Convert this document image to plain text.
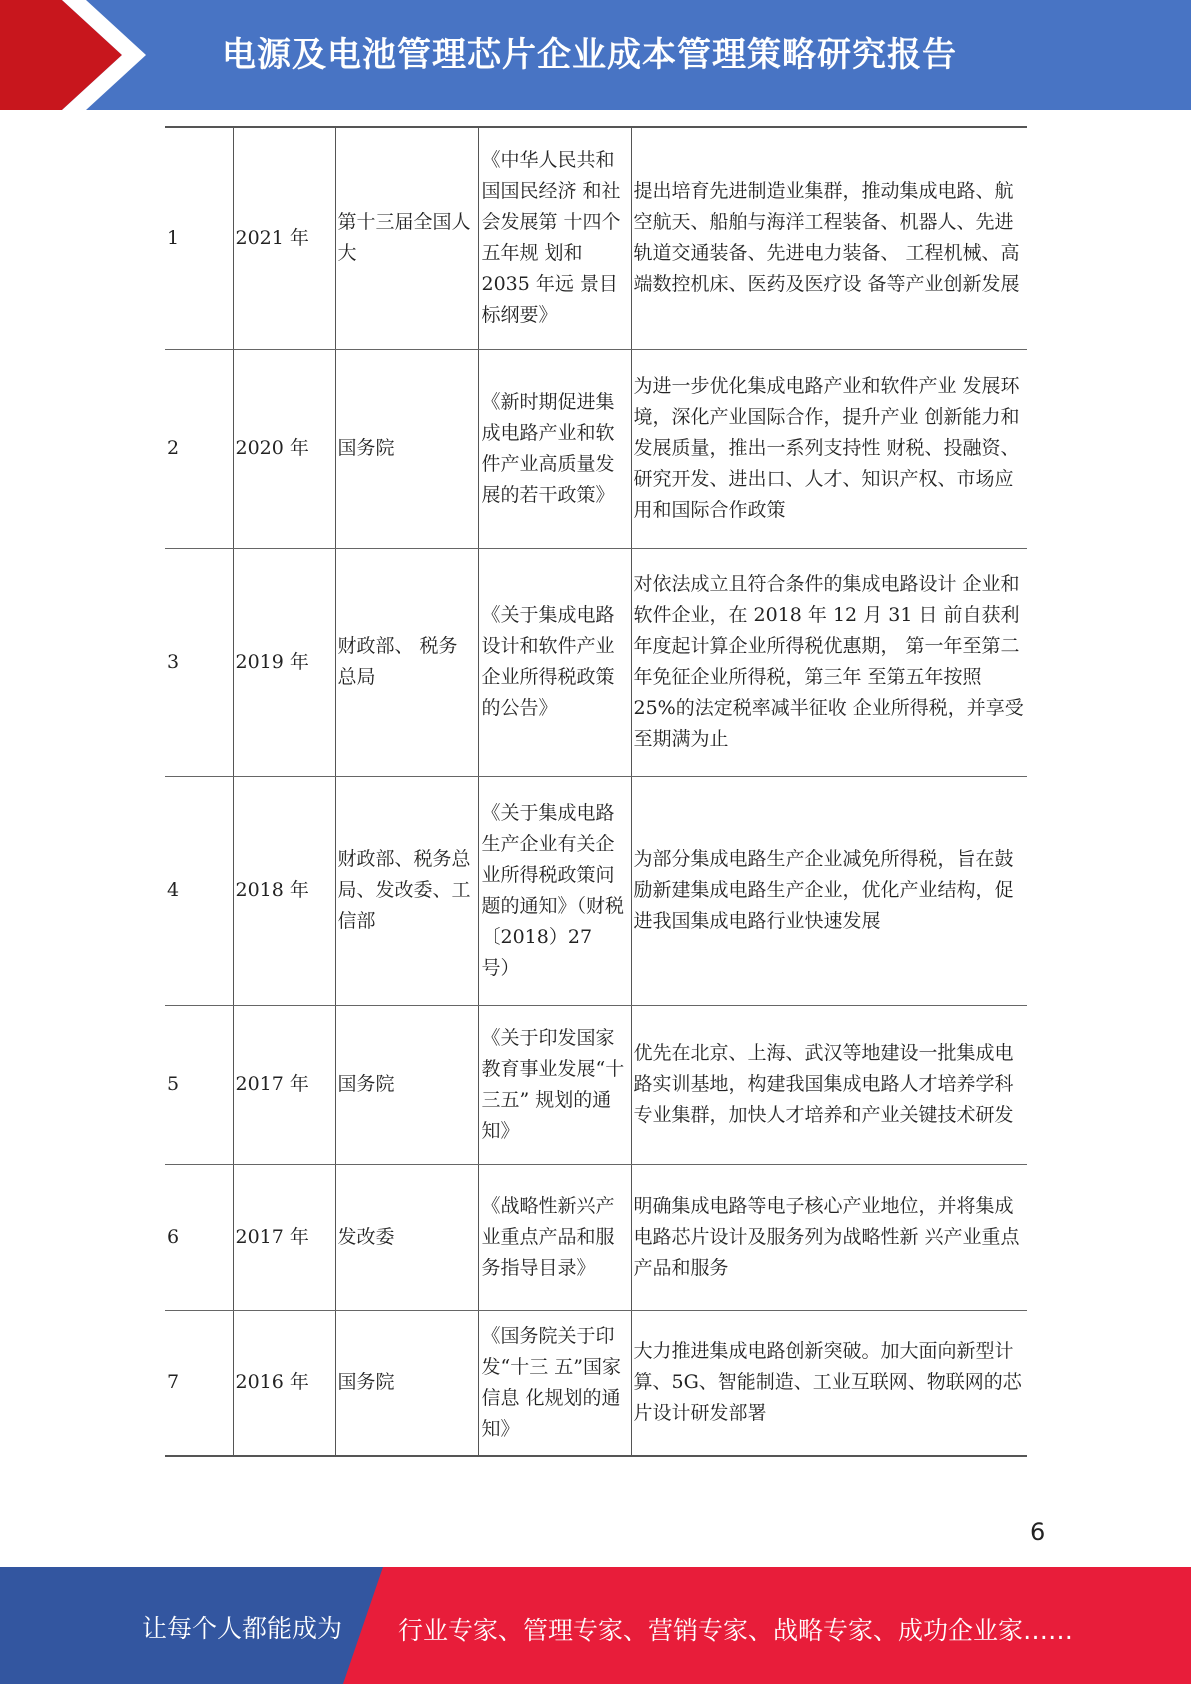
电源及电池管理芯片企业成本管理策略研究报告
1	2021 年	第十三届全国人大	《中华人民共和国国民经济 和社会发展第 十四个五年规 划和 2035 年远 景目标纲要》	提出培育先进制造业集群，推动集成电路、航空航天、船舶与海洋工程装备、机器人、先进轨道交通装备、先进电力装备、 工程机械、高端数控机床、医药及医疗设 备等产业创新发展
2	2020 年	国务院	《新时期促进集成电路产业和软件产业高质量发展的若干政策》	为进一步优化集成电路产业和软件产业 发展环境，深化产业国际合作，提升产业 创新能力和发展质量，推出一系列支持性 财税、投融资、研究开发、进出口、人才、知识产权、市场应用和国际合作政策
3	2019 年	财政部、 税务总局	《关于集成电路设计和软件产业企业所得税政策的公告》	对依法成立且符合条件的集成电路设计 企业和软件企业，在 2018 年 12 月 31 日 前自获利年度起计算企业所得税优惠期， 第一年至第二年免征企业所得税，第三年 至第五年按照 25%的法定税率减半征收 企业所得税，并享受至期满为止
4	2018 年	财政部、税务总局、发改委、工信部	《关于集成电路生产企业有关企业所得税政策问题的通知》（财税〔2018）27 号）	为部分集成电路生产企业减免所得税，旨在鼓励新建集成电路生产企业，优化产业结构，促进我国集成电路行业快速发展
5	2017 年	国务院	《关于印发国家教育事业发展“十三五” 规划的通知》	优先在北京、上海、武汉等地建设一批集成电路实训基地，构建我国集成电路人才培养学科专业集群，加快人才培养和产业关键技术研发
6	2017 年	发改委	《战略性新兴产业重点产品和服务指导目录》	明确集成电路等电子核心产业地位，并将集成电路芯片设计及服务列为战略性新 兴产业重点产品和服务
7	2016 年	国务院	《国务院关于印发“十三 五”国家信息 化规划的通 知》	大力推进集成电路创新突破。加大面向新型计算、5G、智能制造、工业互联网、物联网的芯片设计研发部署
6
让每个人都能成为 行业专家、管理专家、营销专家、战略专家、成功企业家……
